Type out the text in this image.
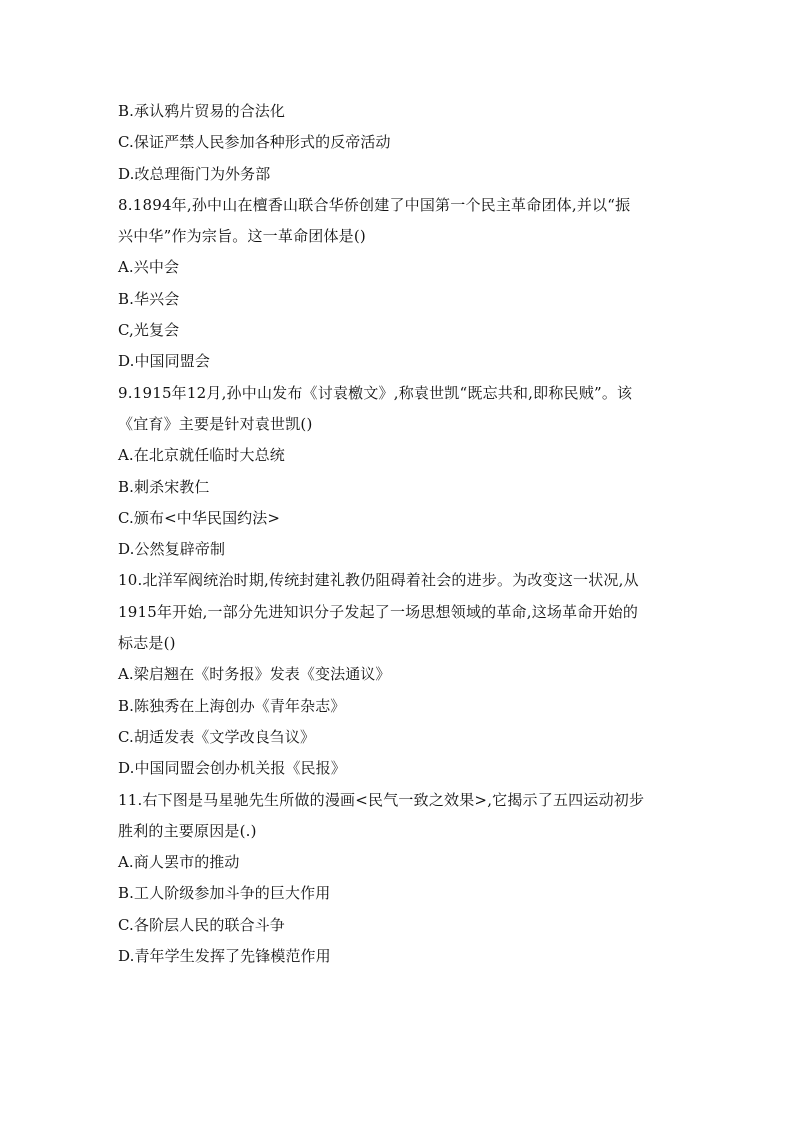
B.承认鸦片贸易的合法化
C.保证严禁人民参加各种形式的反帝活动
D.改总理衙门为外务部
8.1894年,孙中山在檀香山联合华侨创建了中国第一个民主革命团体,并以“振
兴中华”作为宗旨。这一革命团体是()
A.兴中会
B.华兴会
C,光复会
D.中国同盟会
9.1915年12月,孙中山发布《讨袁檄文》,称袁世凯“既忘共和,即称民贼”。该
《宜育》主要是针对袁世凯()
A.在北京就任临时大总统
B.刺杀宋教仁
C.颁布<中华民国约法>
D.公然复辟帝制
10.北洋军阀统治时期,传统封建礼教仍阻碍着社会的进步。为改变这一状况,从
1915年开始,一部分先进知识分子发起了一场思想领域的革命,这场革命开始的
标志是()
A.梁启翘在《时务报》发表《变法通议》
B.陈独秀在上海创办《青年杂志》
C.胡适发表《文学改良刍议》
D.中国同盟会创办机关报《民报》
11.右下图是马星驰先生所做的漫画<民气一致之效果>,它揭示了五四运动初步
胜利的主要原因是(.)
A.商人罢市的推动
B.工人阶级参加斗争的巨大作用
C.各阶层人民的联合斗争
D.青年学生发挥了先锋模范作用
